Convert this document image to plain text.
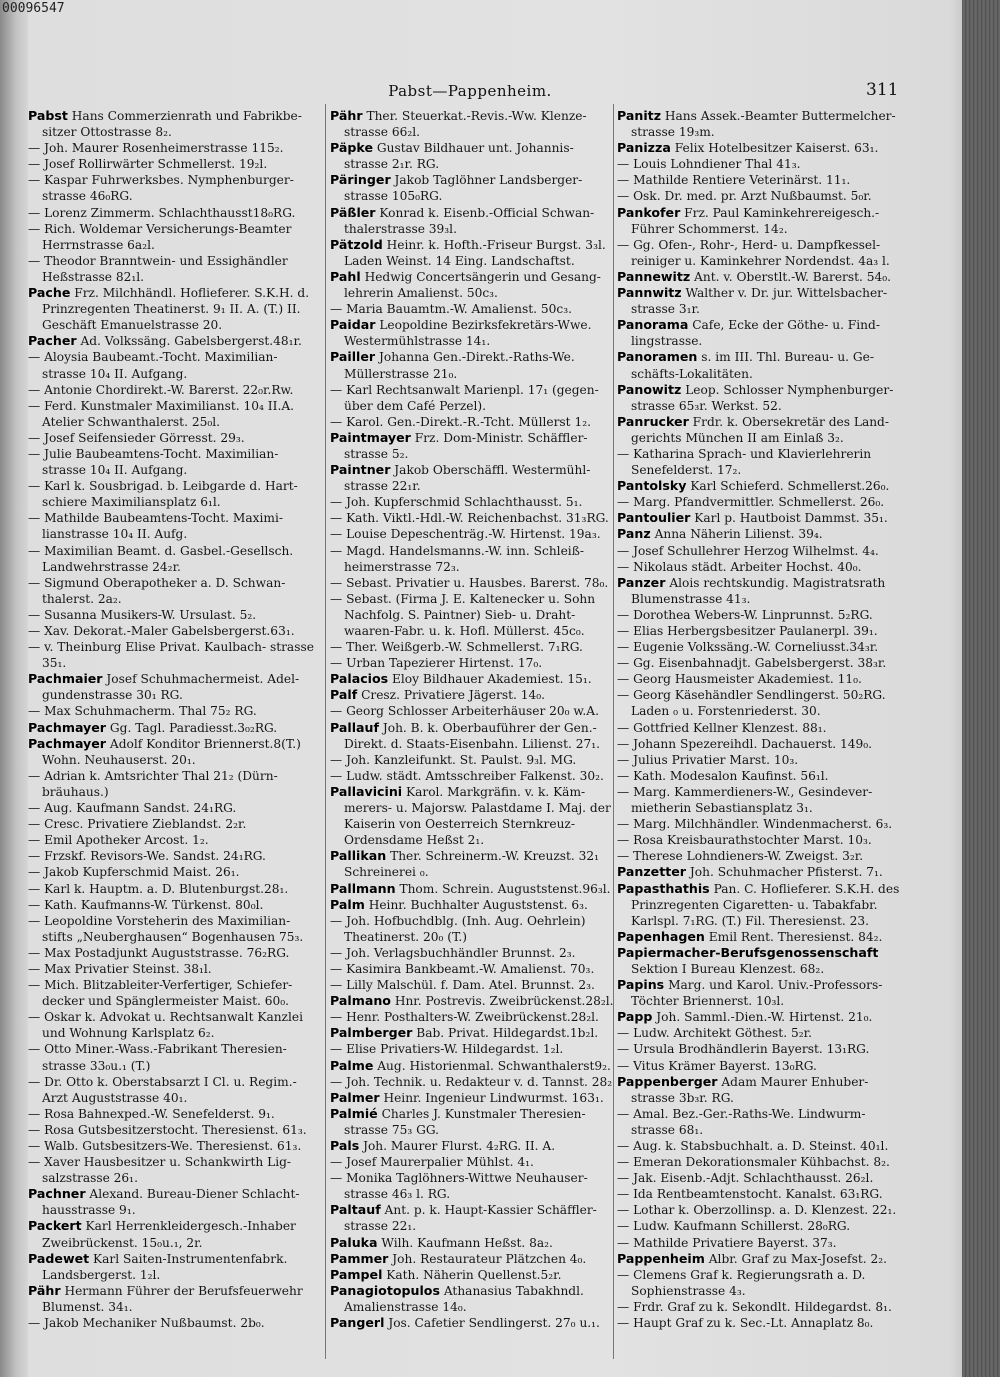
00096547
Pabst—Pappenheim.	311
Pabst Hans Commerzienrath und Fabrikbe- sitzer Ottostrasse 8₂.
— Joh. Maurer Rosenheimerstrasse 115₂.
— Josef Rollirwärter Schmellerst. 19₂l.
— Kaspar Fuhrwerksbes. Nymphenburger- strasse 46₀RG.
— Lorenz Zimmerm. Schlachthausst18₀RG.
— Rich. Woldemar Versicherungs-Beamter Herrnstrasse 6a₂l.
— Theodor Branntwein- und Essighändler Heßstrasse 82₁l.
Pache Frz. Milchhändl. Hoflieferer. S.K.H. d. Prinzregenten Theatinerst. 9₁ II. A. (T.) II. Geschäft Emanuelstrasse 20.
Pacher Ad. Volkssäng. Gabelsbergerst.48₁r.
— Aloysia Baubeamt.-Tocht. Maximilian- strasse 10₄ II. Aufgang.
— Antonie Chordirekt.-W. Barerst. 22₀r.Rw.
— Ferd. Kunstmaler Maximilianst. 10₄ II.A. Atelier Schwanthalerst. 25₀l.
— Josef Seifensieder Görresst. 29₃.
— Julie Baubeamtens-Tocht. Maximilian- strasse 10₄ II. Aufgang.
— Karl k. Sousbrigad. b. Leibgarde d. Hart- schiere Maximiliansplatz 6₁l.
— Mathilde Baubeamtens-Tocht. Maximi- lianstrasse 10₄ II. Aufg.
— Maximilian Beamt. d. Gasbel.-Gesellsch. Landwehrstrasse 24₂r.
— Sigmund Oberapotheker a. D. Schwan- thalerst. 2a₂.
— Susanna Musikers-W. Ursulast. 5₂.
— Xav. Dekorat.-Maler Gabelsbergerst.63₁.
— v. Theinburg Elise Privat. Kaulbach- strasse 35₁.
Pachmaier Josef Schuhmachermeist. Adel- gundenstrasse 30₁ RG.
— Max Schuhmacherm. Thal 75₂ RG.
Pachmayer Gg. Tagl. Paradiesst.3₀₂RG.
Pachmayer Adolf Konditor Briennerst.8(T.) Wohn. Neuhauserst. 20₁.
— Adrian k. Amtsrichter Thal 21₂ (Dürn- bräuhaus.)
— Aug. Kaufmann Sandst. 24₁RG.
— Cresc. Privatiere Zieblandst. 2₂r.
— Emil Apotheker Arcost. 1₂.
— Frzskf. Revisors-We. Sandst. 24₁RG.
— Jakob Kupferschmid Maist. 26₁.
— Karl k. Hauptm. a. D. Blutenburgst.28₁.
— Kath. Kaufmanns-W. Türkenst. 80₀l.
— Leopoldine Vorsteherin des Maximilian- stifts „Neuberghausen“ Bogenhausen 75₃.
— Max Postadjunkt Auguststrasse. 76₂RG.
— Max Privatier Steinst. 38₁l.
— Mich. Blitzableiter-Verfertiger, Schiefer- decker und Spänglermeister Maist. 60₀.
— Oskar k. Advokat u. Rechtsanwalt Kanzlei und Wohnung Karlsplatz 6₂.
— Otto Miner.-Wass.-Fabrikant Theresien- strasse 33₀u.₁ (T.)
— Dr. Otto k. Oberstabsarzt I Cl. u. Regim.- Arzt Auguststrasse 40₁.
— Rosa Bahnexped.-W. Senefelderst. 9₁.
— Rosa Gutsbesitzerstocht. Theresienst. 61₃.
— Walb. Gutsbesitzers-We. Theresienst. 61₃.
— Xaver Hausbesitzer u. Schankwirth Lig- salzstrasse 26₁.
Pachner Alexand. Bureau-Diener Schlacht- hausstrasse 9₁.
Packert Karl Herrenkleidergesch.-Inhaber Zweibrückenst. 15₀u.₁, 2r.
Padewet Karl Saiten-Instrumentenfabrk. Landsbergerst. 1₂l.
Pähr Hermann Führer der Berufsfeuerwehr Blumenst. 34₁.
— Jakob Mechaniker Nußbaumst. 2b₀.
Pähr Ther. Steuerkat.-Revis.-Ww. Klenze- strasse 66₂l.
Päpke Gustav Bildhauer unt. Johannis- strasse 2₁r. RG.
Päringer Jakob Taglöhner Landsberger- strasse 105₀RG.
Päßler Konrad k. Eisenb.-Official Schwan- thalerstrasse 39₃l.
Pätzold Heinr. k. Hofth.-Friseur Burgst. 3₃l. Laden Weinst. 14 Eing. Landschaftst.
Pahl Hedwig Concertsängerin und Gesang- lehrerin Amalienst. 50c₃.
— Maria Bauamtm.-W. Amalienst. 50c₃.
Paidar Leopoldine Bezirksfekretärs-Wwe. Westermühlstrasse 14₁.
Pailler Johanna Gen.-Direkt.-Raths-We. Müllerstrasse 21₀.
— Karl Rechtsanwalt Marienpl. 17₁ (gegen- über dem Café Perzel).
— Karol. Gen.-Direkt.-R.-Tcht. Müllerst 1₂.
Paintmayer Frz. Dom-Ministr. Schäffler- strasse 5₂.
Paintner Jakob Oberschäffl. Westermühl- strasse 22₁r.
— Joh. Kupferschmid Schlachthausst. 5₁.
— Kath. Viktl.-Hdl.-W. Reichenbachst. 31₃RG.
— Louise Depeschenträg.-W. Hirtenst. 19a₃.
— Magd. Handelsmanns.-W. inn. Schleiß- heimerstrasse 72₃.
— Sebast. Privatier u. Hausbes. Barerst. 78₀.
— Sebast. (Firma J. E. Kaltenecker u. Sohn Nachfolg. S. Paintner) Sieb- u. Draht- waaren-Fabr. u. k. Hofl. Müllerst. 45c₀.
— Ther. Weißgerb.-W. Schmellerst. 7₁RG.
— Urban Tapezierer Hirtenst. 17₀.
Palacios Eloy Bildhauer Akademiest. 15₁.
Palf Cresz. Privatiere Jägerst. 14₀.
— Georg Schlosser Arbeiterhäuser 20₀ w.A.
Pallauf Joh. B. k. Oberbauführer der Gen.- Direkt. d. Staats-Eisenbahn. Lilienst. 27₁.
— Joh. Kanzleifunkt. St. Paulst. 9₃l. MG.
— Ludw. städt. Amtsschreiber Falkenst. 30₂.
Pallavicini Karol. Markgräfin. v. k. Käm- merers- u. Majorsw. Palastdame I. Maj. der Kaiserin von Oesterreich Sternkreuz- Ordensdame Heßst 2₁.
Pallikan Ther. Schreinerm.-W. Kreuzst. 32₁ Schreinerei ₀.
Pallmann Thom. Schrein. Auguststenst.96₃l.
Palm Heinr. Buchhalter Auguststenst. 6₃.
— Joh. Hofbuchdblg. (Inh. Aug. Oehrlein) Theatinerst. 20₀ (T.)
— Joh. Verlagsbuchhändler Brunnst. 2₃.
— Kasimira Bankbeamt.-W. Amalienst. 70₃.
— Lilly Malschül. f. Dam. Atel. Brunnst. 2₃.
Palmano Hnr. Postrevis. Zweibrückenst.28₂l.
— Henr. Posthalters-W. Zweibrückenst.28₂l.
Palmberger Bab. Privat. Hildegardst.1b₂l.
— Elise Privatiers-W. Hildegardst. 1₂l.
Palme Aug. Historienmal. Schwanthalerst9₂.
— Joh. Technik. u. Redakteur v. d. Tannst. 28₂
Palmer Heinr. Ingenieur Lindwurmst. 163₁.
Palmié Charles J. Kunstmaler Theresien- strasse 75₃ GG.
Pals Joh. Maurer Flurst. 4₂RG. II. A.
— Josef Maurerpalier Mühlst. 4₁.
— Monika Taglöhners-Wittwe Neuhauser- strasse 46₃ l. RG.
Paltauf Ant. p. k. Haupt-Kassier Schäffler- strasse 22₁.
Paluka Wilh. Kaufmann Heßst. 8a₂.
Pammer Joh. Restaurateur Plätzchen 4₀.
Pampel Kath. Näherin Quellenst.5₂r.
Panagiotopulos Athanasius Tabakhndl. Amalienstrasse 14₀.
Pangerl Jos. Cafetier Sendlingerst. 27₀ u.₁.
Panitz Hans Assek.-Beamter Buttermelcher- strasse 19₃m.
Panizza Felix Hotelbesitzer Kaiserst. 63₁.
— Louis Lohndiener Thal 41₃.
— Mathilde Rentiere Veterinärst. 11₁.
— Osk. Dr. med. pr. Arzt Nußbaumst. 5₀r.
Pankofer Frz. Paul Kaminkehrereigesch.- Führer Schommerst. 14₂.
— Gg. Ofen-, Rohr-, Herd- u. Dampfkessel- reiniger u. Kaminkehrer Nordendst. 4a₃ l.
Pannewitz Ant. v. Oberstlt.-W. Barerst. 54₀.
Pannwitz Walther v. Dr. jur. Wittelsbacher- strasse 3₁r.
Panorama Cafe, Ecke der Göthe- u. Find- lingstrasse.
Panoramen s. im III. Thl. Bureau- u. Ge- schäfts-Lokalitäten.
Panowitz Leop. Schlosser Nymphenburger- strasse 65₃r. Werkst. 52.
Panrucker Frdr. k. Obersekretär des Land- gerichts München II am Einlaß 3₂.
— Katharina Sprach- und Klavierlehrerin Senefelderst. 17₂.
Pantolsky Karl Schieferd. Schmellerst.26₀.
— Marg. Pfandvermittler. Schmellerst. 26₀.
Pantoulier Karl p. Hautboist Dammst. 35₁.
Panz Anna Näherin Lilienst. 39₄.
— Josef Schullehrer Herzog Wilhelmst. 4₄.
— Nikolaus städt. Arbeiter Hochst. 40₀.
Panzer Alois rechtskundig. Magistratsrath Blumenstrasse 41₃.
— Dorothea Webers-W. Linprunnst. 5₂RG.
— Elias Herbergsbesitzer Paulanerpl. 39₁.
— Eugenie Volkssäng.-W. Corneliusst.34₃r.
— Gg. Eisenbahnadjt. Gabelsbergerst. 38₃r.
— Georg Hausmeister Akademiest. 11₀.
— Georg Käsehändler Sendlingerst. 50₂RG. Laden ₀ u. Forstenriederst. 30.
— Gottfried Kellner Klenzest. 88₁.
— Johann Spezereihdl. Dachauerst. 149₀.
— Julius Privatier Marst. 10₃.
— Kath. Modesalon Kaufinst. 56₁l.
— Marg. Kammerdieners-W., Gesindever- mietherin Sebastiansplatz 3₁.
— Marg. Milchhändler. Windenmacherst. 6₃.
— Rosa Kreisbaurathstochter Marst. 10₃.
— Therese Lohndieners-W. Zweigst. 3₂r.
Panzetter Joh. Schuhmacher Pfisterst. 7₁.
Papasthathis Pan. C. Hoflieferer. S.K.H. des Prinzregenten Cigaretten- u. Tabakfabr. Karlspl. 7₁RG. (T.) Fil. Theresienst. 23.
Papenhagen Emil Rent. Theresienst. 84₂.
Papiermacher-Berufsgenossenschaft Sektion I Bureau Klenzest. 68₂.
Papins Marg. und Karol. Univ.-Professors- Töchter Briennerst. 10₃l.
Papp Joh. Samml.-Dien.-W. Hirtenst. 21₀.
— Ludw. Architekt Göthest. 5₂r.
— Ursula Brodhändlerin Bayerst. 13₁RG.
— Vitus Krämer Bayerst. 13₀RG.
Pappenberger Adam Maurer Enhuber- strasse 3b₃r. RG.
— Amal. Bez.-Ger.-Raths-We. Lindwurm- strasse 68₁.
— Aug. k. Stabsbuchhalt. a. D. Steinst. 40₁l.
— Emeran Dekorationsmaler Kühbachst. 8₂.
— Jak. Eisenb.-Adjt. Schlachthausst. 26₂l.
— Ida Rentbeamtenstocht. Kanalst. 63₁RG.
— Lothar k. Oberzollinsp. a. D. Klenzest. 22₁.
— Ludw. Kaufmann Schillerst. 28₀RG.
— Mathilde Privatiere Bayerst. 37₃.
Pappenheim Albr. Graf zu Max-Josefst. 2₂.
— Clemens Graf k. Regierungsrath a. D. Sophienstrasse 4₃.
— Frdr. Graf zu k. Sekondlt. Hildegardst. 8₁.
— Haupt Graf zu k. Sec.-Lt. Annaplatz 8₀.
